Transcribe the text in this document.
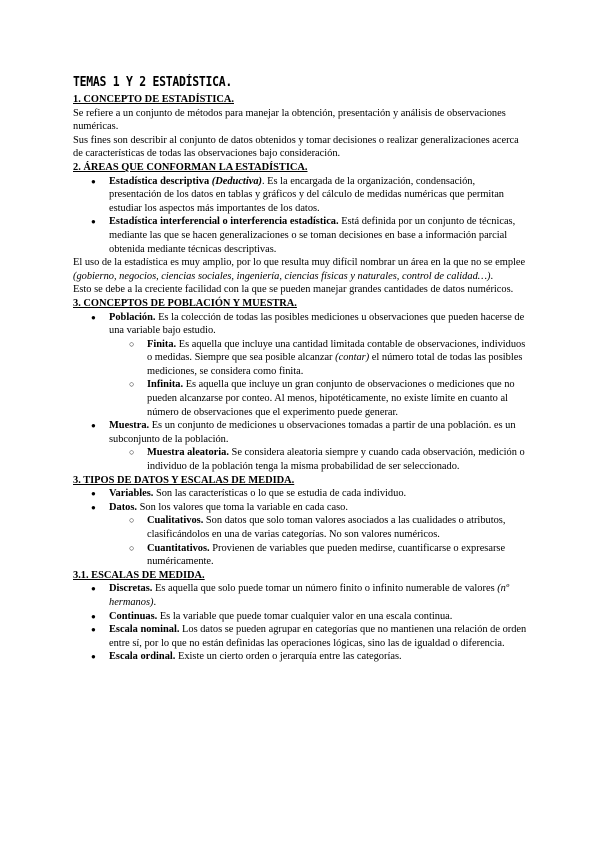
TEMAS 1 Y 2 ESTADÍSTICA.

1. CONCEPTO DE ESTADÍSTICA.

Se refiere a un conjunto de métodos para manejar la obtención, presentación y análisis de observaciones numéricas.

Sus fines son describir al conjunto de datos obtenidos y tomar decisiones o realizar generalizaciones acerca de características de todas las observaciones bajo consideración.

2. ÁREAS QUE CONFORMAN LA ESTADÍSTICA.

● Estadística descriptiva (Deductiva). Es la encargada de la organización, condensación, presentación de los datos en tablas y gráficos y del cálculo de medidas numéricas que permitan estudiar los aspectos más importantes de los datos.
● Estadística interferencial o interferencia estadística. Está definida por un conjunto de técnicas, mediante las que se hacen generalizaciones o se toman decisiones en base a información parcial obtenida mediante técnicas descriptivas.

El uso de la estadística es muy amplio, por lo que resulta muy difícil nombrar un área en la que no se emplee (gobierno, negocios, ciencias sociales, ingeniería, ciencias físicas y naturales, control de calidad…).

Esto se debe a la creciente facilidad con la que se pueden manejar grandes cantidades de datos numéricos.

3. CONCEPTOS DE POBLACIÓN Y MUESTRA.

● Población. Es la colección de todas las posibles mediciones u observaciones que pueden hacerse de una variable bajo estudio.
○ Finita. Es aquella que incluye una cantidad limitada contable de observaciones, individuos o medidas. Siempre que sea posible alcanzar (contar) el número total de todas las posibles mediciones, se considera como finita.
○ Infinita. Es aquella que incluye un gran conjunto de observaciones o mediciones que no pueden alcanzarse por conteo. Al menos, hipotéticamente, no existe límite en cuanto al número de observaciones que el experimento puede generar.
● Muestra. Es un conjunto de mediciones u observaciones tomadas a partir de una población. es un subconjunto de la población.
○ Muestra aleatoria. Se considera aleatoria siempre y cuando cada observación, medición o individuo de la población tenga la misma probabilidad de ser seleccionado.

3. TIPOS DE DATOS Y ESCALAS DE MEDIDA.

● Variables. Son las características o lo que se estudia de cada individuo.
● Datos. Son los valores que toma la variable en cada caso.
○ Cualitativos. Son datos que solo toman valores asociados a las cualidades o atributos, clasificándolos en una de varias categorías. No son valores numéricos.
○ Cuantitativos. Provienen de variables que pueden medirse, cuantificarse o expresarse numéricamente.

3.1. ESCALAS DE MEDIDA.

● Discretas. Es aquella que solo puede tomar un número finito o infinito numerable de valores (nº hermanos).
● Continuas. Es la variable que puede tomar cualquier valor en una escala continua.
● Escala nominal. Los datos se pueden agrupar en categorías que no mantienen una relación de orden entre sí, por lo que no están definidas las operaciones lógicas, sino las de igualdad o diferencia.
● Escala ordinal. Existe un cierto orden o jerarquía entre las categorías.
